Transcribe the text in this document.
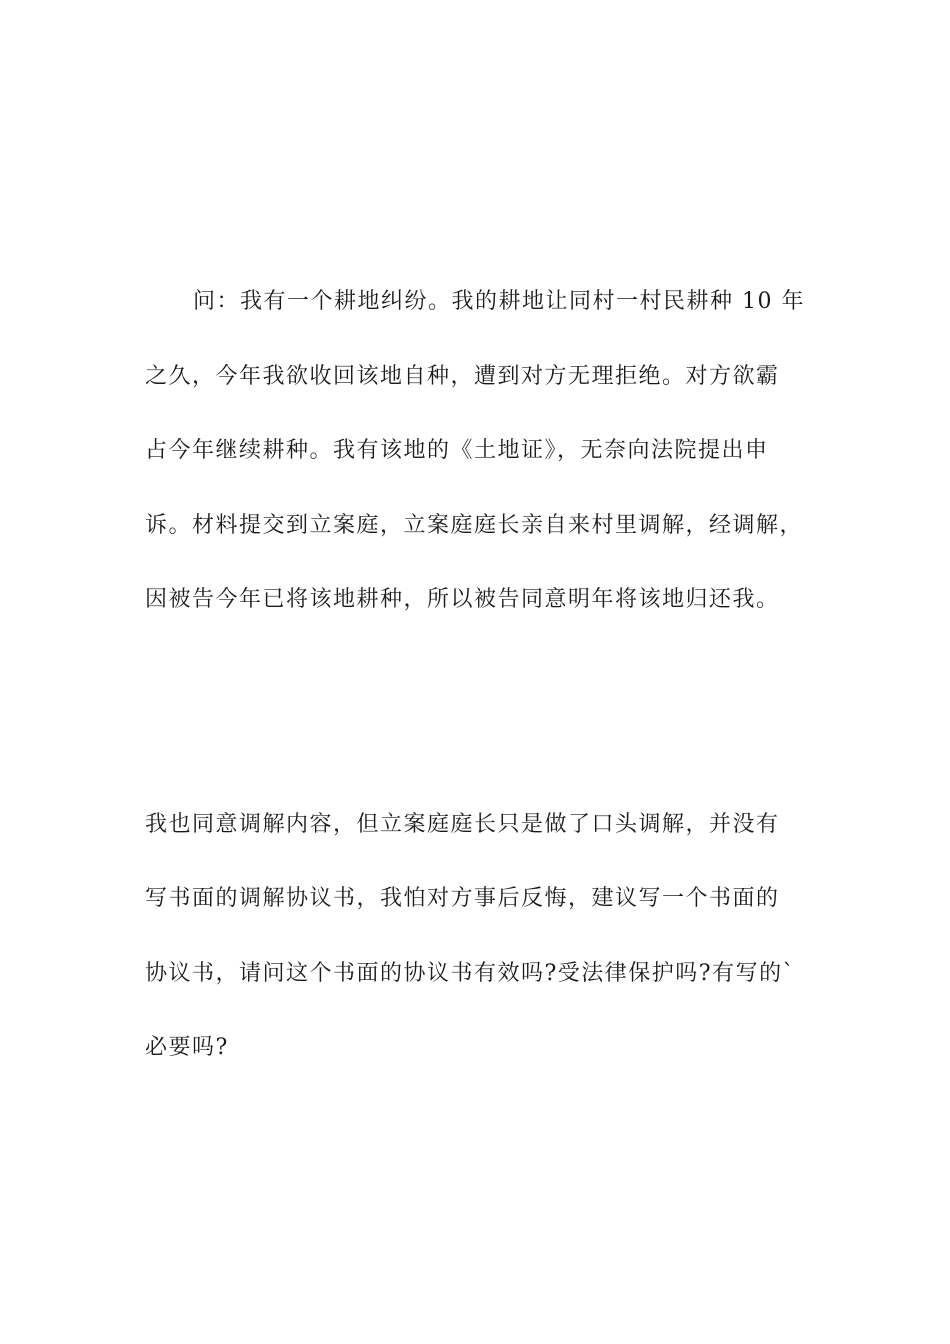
问：我有一个耕地纠纷。我的耕地让同村一村民耕种 10 年
之久，今年我欲收回该地自种，遭到对方无理拒绝。对方欲霸
占今年继续耕种。我有该地的《土地证》，无奈向法院提出申
诉。材料提交到立案庭，立案庭庭长亲自来村里调解，经调解，
因被告今年已将该地耕种，所以被告同意明年将该地归还我。
我也同意调解内容，但立案庭庭长只是做了口头调解，并没有
写书面的调解协议书，我怕对方事后反悔，建议写一个书面的
协议书，请问这个书面的协议书有效吗?受法律保护吗?有写的`
必要吗?
